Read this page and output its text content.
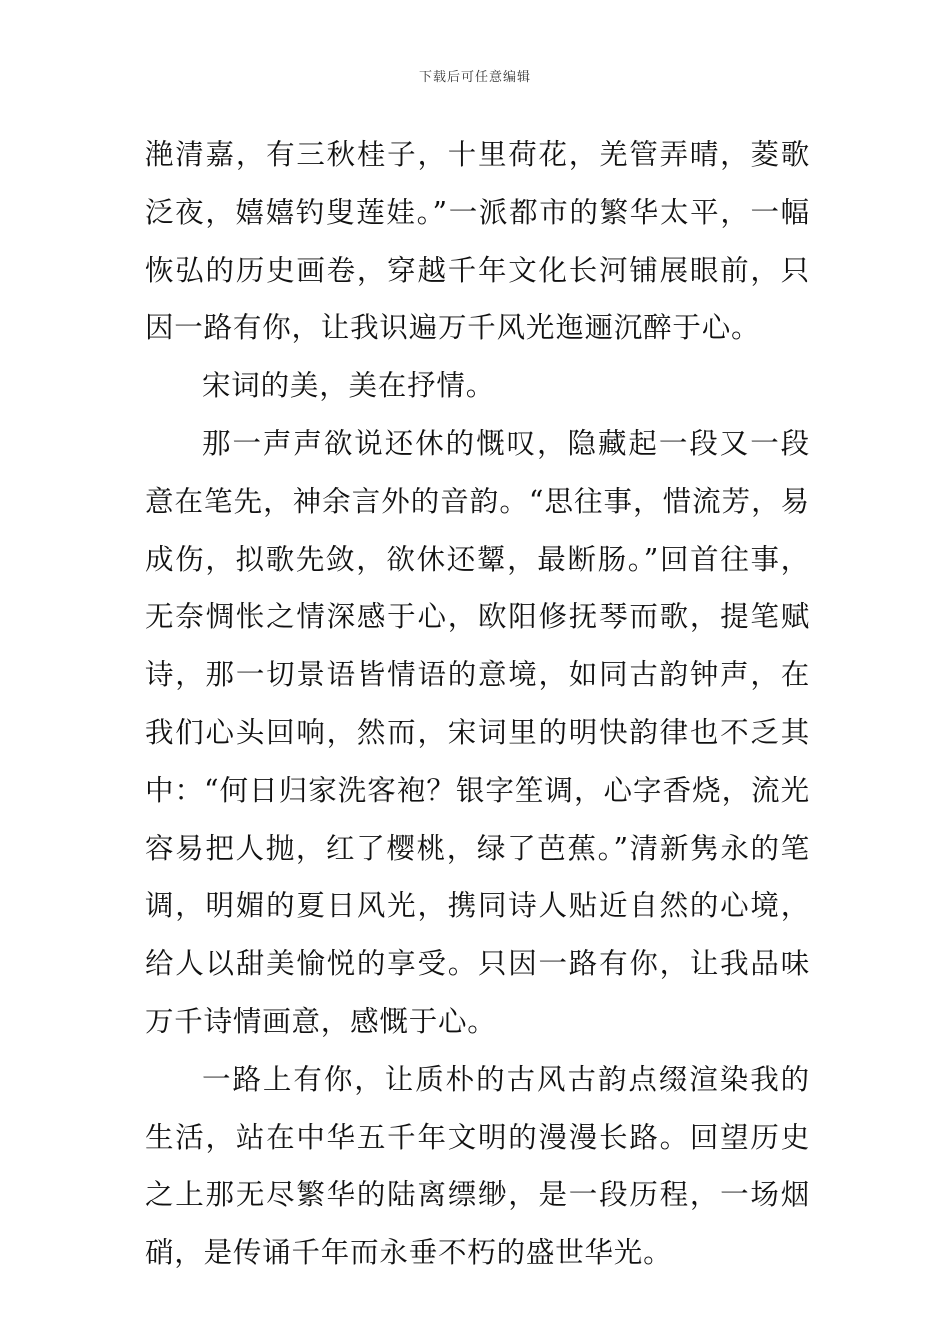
下载后可任意编辑

滟清嘉，有三秋桂子，十里荷花，羌管弄晴，菱歌泛夜，嬉嬉钓叟莲娃。”一派都市的繁华太平，一幅恢弘的历史画卷，穿越千年文化长河铺展眼前，只因一路有你，让我识遍万千风光迤逦沉醉于心。

宋词的美，美在抒情。

那一声声欲说还休的慨叹，隐藏起一段又一段意在笔先，神余言外的音韵。“思往事，惜流芳，易成伤，拟歌先敛，欲休还颦，最断肠。”回首往事，无奈惆怅之情深感于心，欧阳修抚琴而歌，提笔赋诗，那一切景语皆情语的意境，如同古韵钟声，在我们心头回响，然而，宋词里的明快韵律也不乏其中：“何日归家洗客袍？银字笙调，心字香烧，流光容易把人抛，红了樱桃，绿了芭蕉。”清新隽永的笔调，明媚的夏日风光，携同诗人贴近自然的心境，给人以甜美愉悦的享受。只因一路有你，让我品味万千诗情画意，感慨于心。

一路上有你，让质朴的古风古韵点缀渲染我的生活，站在中华五千年文明的漫漫长路。回望历史之上那无尽繁华的陆离缥缈，是一段历程，一场烟硝，是传诵千年而永垂不朽的盛世华光。
